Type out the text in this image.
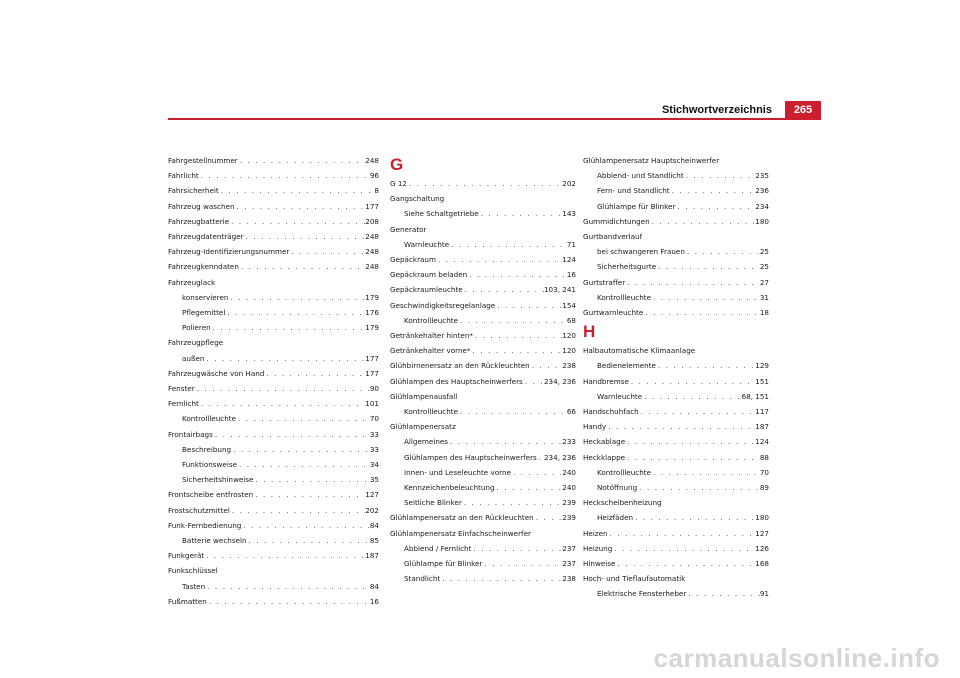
Stichwortverzeichnis	265
Fahrgestellnummer . . .	248
Fahrlicht . . .	96
Fahrsicherheit . . .	8
Fahrzeug waschen . . .	177
Fahrzeugbatterie . . .	208
Fahrzeugdatenträger . . .	248
Fahrzeug-Identifizierungsnummer . . .	248
Fahrzeugkenndaten . . .	248
Fahrzeuglack
konservieren . . .	179
Pflegemittel . . .	176
Polieren . . .	179
Fahrzeugpflege
außen . . .	177
Fahrzeugwäsche von Hand . . .	177
Fenster . . .	90
Fernlicht . . .	101
Kontrollleuchte . . .	70
Frontairbags . . .	33
Beschreibung . . .	33
Funktionsweise . . .	34
Sicherheitshinweise . . .	35
Frontscheibe entfrosten . . .	127
Frostschutzmittel . . .	202
Funk-Fernbedienung . . .	84
Batterie wechseln . . .	85
Funkgerät . . .	187
Funkschlüssel
Tasten . . .	84
Fußmatten . . .	16
G
G 12 . . .	202
Gangschaltung
Siehe Schaltgetriebe . . .	143
Generator
Warnleuchte . . .	71
Gepäckraum . . .	124
Gepäckraum beladen . . .	16
Gepäckraumleuchte . . .	103, 241
Geschwindigkeitsregelanlage . . .	154
Kontrollleuchte . . .	68
Getränkehalter hinten* . . .	120
Getränkehalter vorne* . . .	120
Glühbirnenersatz an den Rückleuchten . . .	238
Glühlampen des Hauptscheinwerfers . . .	234, 236
Glühlampenausfall
Kontrollleuchte . . .	66
Glühlampenersatz
Allgemeines . . .	233
Glühlampen des Hauptscheinwerfers . . . 234, 236
Innen- und Leseleuchte vorne . . .	240
Kennzeichenbeleuchtung . . .	240
Seitliche Blinker . . .	239
Glühlampenersatz an den Rückleuchten . . .	239
Glühlampenersatz Einfachscheinwerfer
Abblend / Fernlicht . . .	237
Glühlampe für Blinker . . .	237
Standlicht . . .	238
Glühlampenersatz Hauptscheinwerfer
Abblend- und Standlicht . . .	235
Fern- und Standlicht . . .	236
Glühlampe für Blinker . . .	234
Gummidichtungen . . .	180
Gurtbandverlauf
bei schwangeren Frauen . . .	25
Sicherheitsgurte . . .	25
Gurtstraffer . . .	27
Kontrollleuchte . . .	31
Gurtwarnleuchte . . .	18
H
Halbautomatische Klimaanlage
Bedienelemente . . .	129
Handbremse . . .	151
Warnleuchte . . .	68, 151
Handschuhfach . . .	117
Handy . . .	187
Heckablage . . .	124
Heckklappe . . .	88
Kontrollleuchte . . .	70
Notöffnung . . .	89
Heckscheibenheizung
Heizfäden . . .	180
Heizen . . .	127
Heizung . . .	126
Hinweise . . .	168
Hoch- und Tieflaufautomatik
Elektrische Fensterheber . . .	91
carmanualsonline.info
